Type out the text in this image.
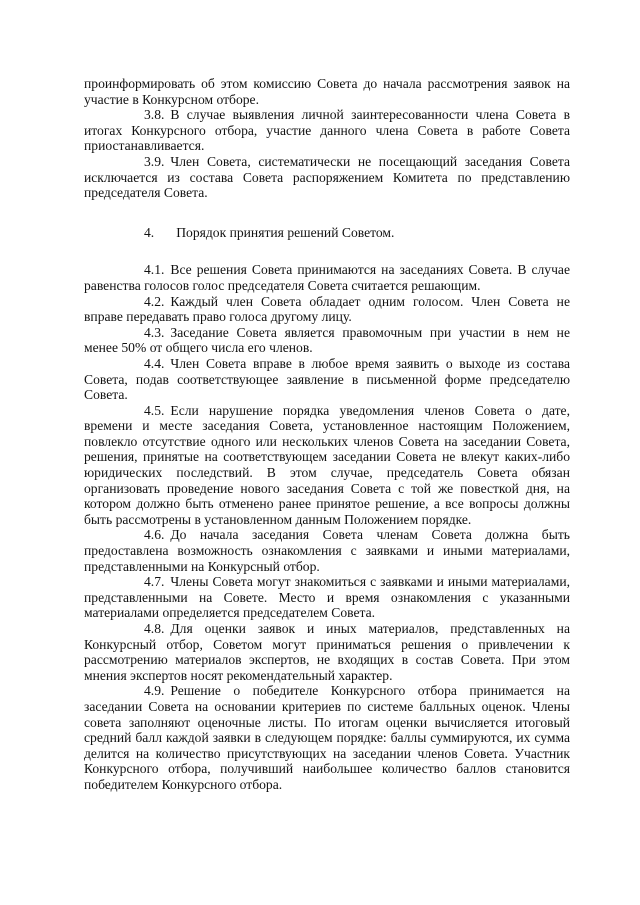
проинформировать об этом комиссию Совета до начала рассмотрения заявок на участие в Конкурсном отборе.

3.8. В случае выявления личной заинтересованности члена Совета в итогах Конкурсного отбора, участие данного члена Совета в работе Совета приостанавливается.

3.9. Член Совета, систематически не посещающий заседания Совета исключается из состава Совета распоряжением Комитета по представлению председателя Совета.

4. Порядок принятия решений Советом.

4.1. Все решения Совета принимаются на заседаниях Совета. В случае равенства голосов голос председателя Совета считается решающим.

4.2. Каждый член Совета обладает одним голосом. Член Совета не вправе передавать право голоса другому лицу.

4.3. Заседание Совета является правомочным при участии в нем не менее 50% от общего числа его членов.

4.4. Член Совета вправе в любое время заявить о выходе из состава Совета, подав соответствующее заявление в письменной форме председателю Совета.

4.5. Если нарушение порядка уведомления членов Совета о дате, времени и месте заседания Совета, установленное настоящим Положением, повлекло отсутствие одного или нескольких членов Совета на заседании Совета, решения, принятые на соответствующем заседании Совета не влекут каких-либо юридических последствий. В этом случае, председатель Совета обязан организовать проведение нового заседания Совета с той же повесткой дня, на котором должно быть отменено ранее принятое решение, а все вопросы должны быть рассмотрены в установленном данным Положением порядке.

4.6. До начала заседания Совета членам Совета должна быть предоставлена возможность ознакомления с заявками и иными материалами, представленными на Конкурсный отбор.

4.7. Члены Совета могут знакомиться с заявками и иными материалами, представленными на Совете. Место и время ознакомления с указанными материалами определяется председателем Совета.

4.8. Для оценки заявок и иных материалов, представленных на Конкурсный отбор, Советом могут приниматься решения о привлечении к рассмотрению материалов экспертов, не входящих в состав Совета. При этом мнения экспертов носят рекомендательный характер.

4.9. Решение о победителе Конкурсного отбора принимается на заседании Совета на основании критериев по системе балльных оценок. Члены совета заполняют оценочные листы. По итогам оценки вычисляется итоговый средний балл каждой заявки в следующем порядке: баллы суммируются, их сумма делится на количество присутствующих на заседании членов Совета. Участник Конкурсного отбора, получивший наибольшее количество баллов становится победителем Конкурсного отбора.
